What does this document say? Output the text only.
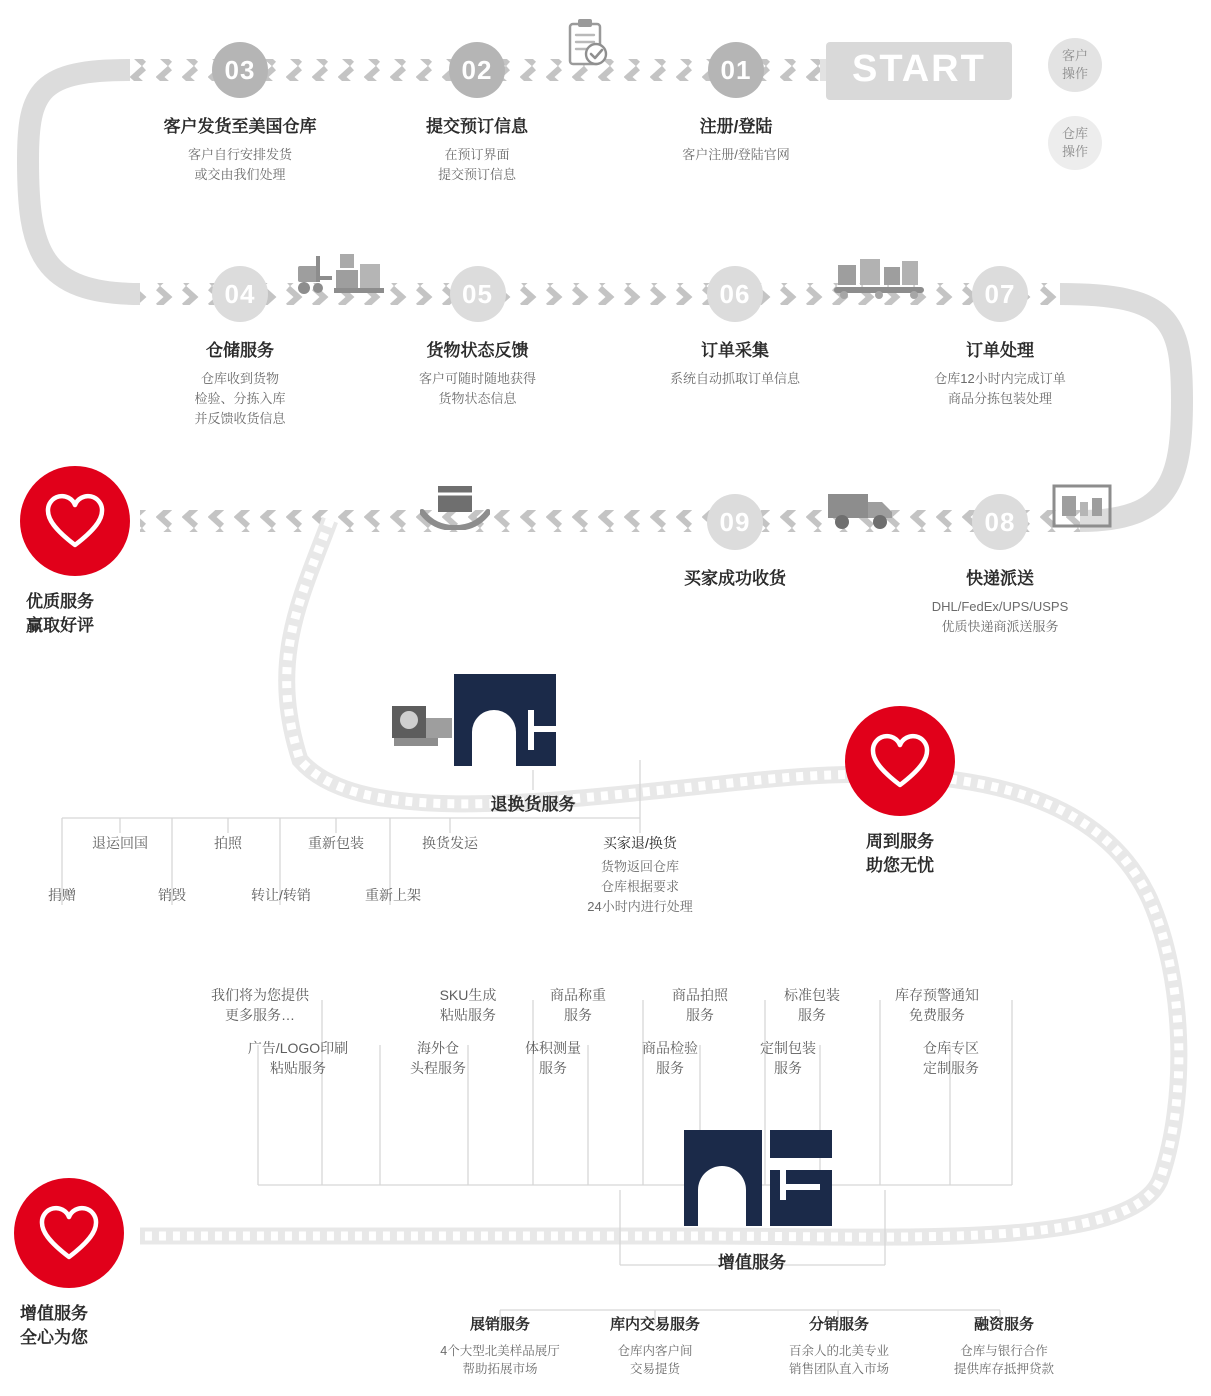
客户
操作
仓库
操作
START
01
注册/登陆
客户注册/登陆官网
02
提交预订信息
在预订界面
提交预订信息
03
客户发货至美国仓库
客户自行安排发货
或交由我们处理
04
仓储服务
仓库收到货物
检验、分拣入库
并反馈收货信息
05
货物状态反馈
客户可随时随地获得
货物状态信息
06
订单采集
系统自动抓取订单信息
07
订单处理
仓库12小时内完成订单
商品分拣包装处理
08
快递派送
DHL/FedEx/UPS/USPS
优质快递商派送服务
09
买家成功收货
优质服务
赢取好评
周到服务
助您无忧
增值服务
全心为您
退换货服务
买家退/换货
货物返回仓库
仓库根据要求
24小时内进行处理
退运回国	拍照	重新包装	换货发运
捐赠	销毁	转让/转销	重新上架
我们将为您提供
更多服务…
SKU生成
粘贴服务
商品称重
服务
商品拍照
服务
标准包装
服务
库存预警通知
免费服务
广告/LOGO印刷
粘贴服务
海外仓
头程服务
体积测量
服务
商品检验
服务
定制包装
服务
仓库专区
定制服务
增值服务
展销服务
4个大型北美样品展厅
帮助拓展市场
库内交易服务
仓库内客户间
交易提货
分销服务
百余人的北美专业
销售团队直入市场
融资服务
仓库与银行合作
提供库存抵押贷款
